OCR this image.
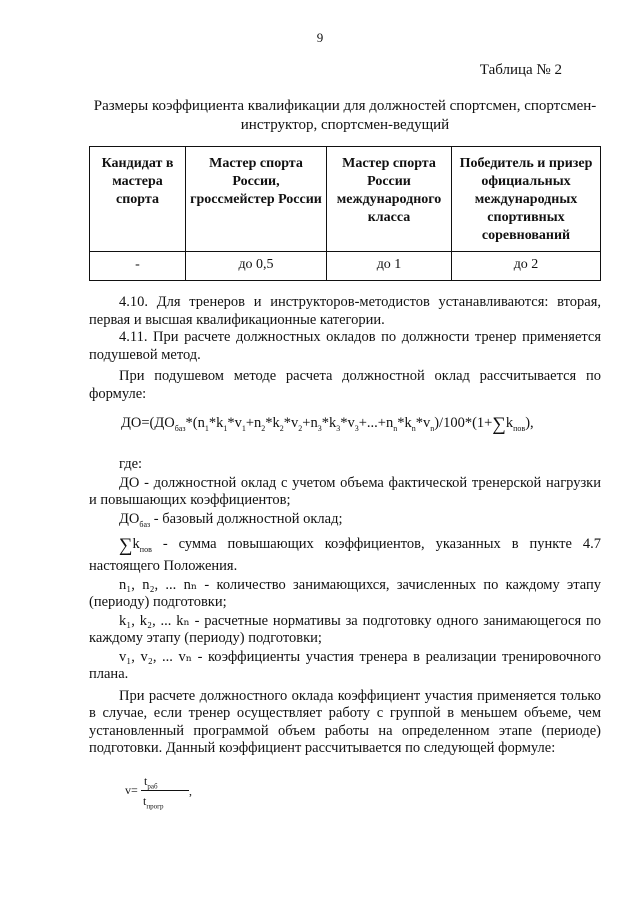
9
Таблица № 2
Размеры коэффициента квалификации для должностей спортсмен, спортсмен-инструктор, спортсмен-ведущий
Кандидат в мастера спорта	Мастер спорта России, гроссмейстер России	Мастер спорта России международного класса	Победитель и призер официальных международных спортивных соревнований
-	до 0,5	до 1	до 2

4.10. Для тренеров и инструкторов-методистов устанавливаются: вторая, первая и высшая квалификационные категории.

4.11. При расчете должностных окладов по должности тренер применяется подушевой метод.

При подушевом методе расчета должностной оклад рассчитывается по формуле:

$ДО=(ДО_{баз}*(n_1*k_1*v_1+n_2*k_2*v_2+n_3*k_3*v_3+...+n_n*k_n*v_n)/100*(1+\sum k_{пов})$,

где:

ДО - должностной оклад с учетом объема фактической тренерской нагрузки и повышающих коэффициентов;

$ДО_{баз}$ - базовый должностной оклад;

$\sum k_{пов}$ - сумма повышающих коэффициентов, указанных в пункте 4.7 настоящего Положения.

n₁, n₂, ... nₙ - количество занимающихся, зачисленных по каждому этапу (периоду) подготовки;

k₁, k₂, ... kₙ - расчетные нормативы за подготовку одного занимающегося по каждому этапу (периоду) подготовки;

v₁, v₂, ... vₙ - коэффициенты участия тренера в реализации тренировочного плана.

При расчете должностного оклада коэффициент участия применяется только в случае, если тренер осуществляет работу с группой в меньшем объеме, чем установленный программой объем работы на определенном этапе (периоде) подготовки. Данный коэффициент рассчитывается по следующей формуле:

v=
$t_{раб}$
$t_{прогр}$
,
